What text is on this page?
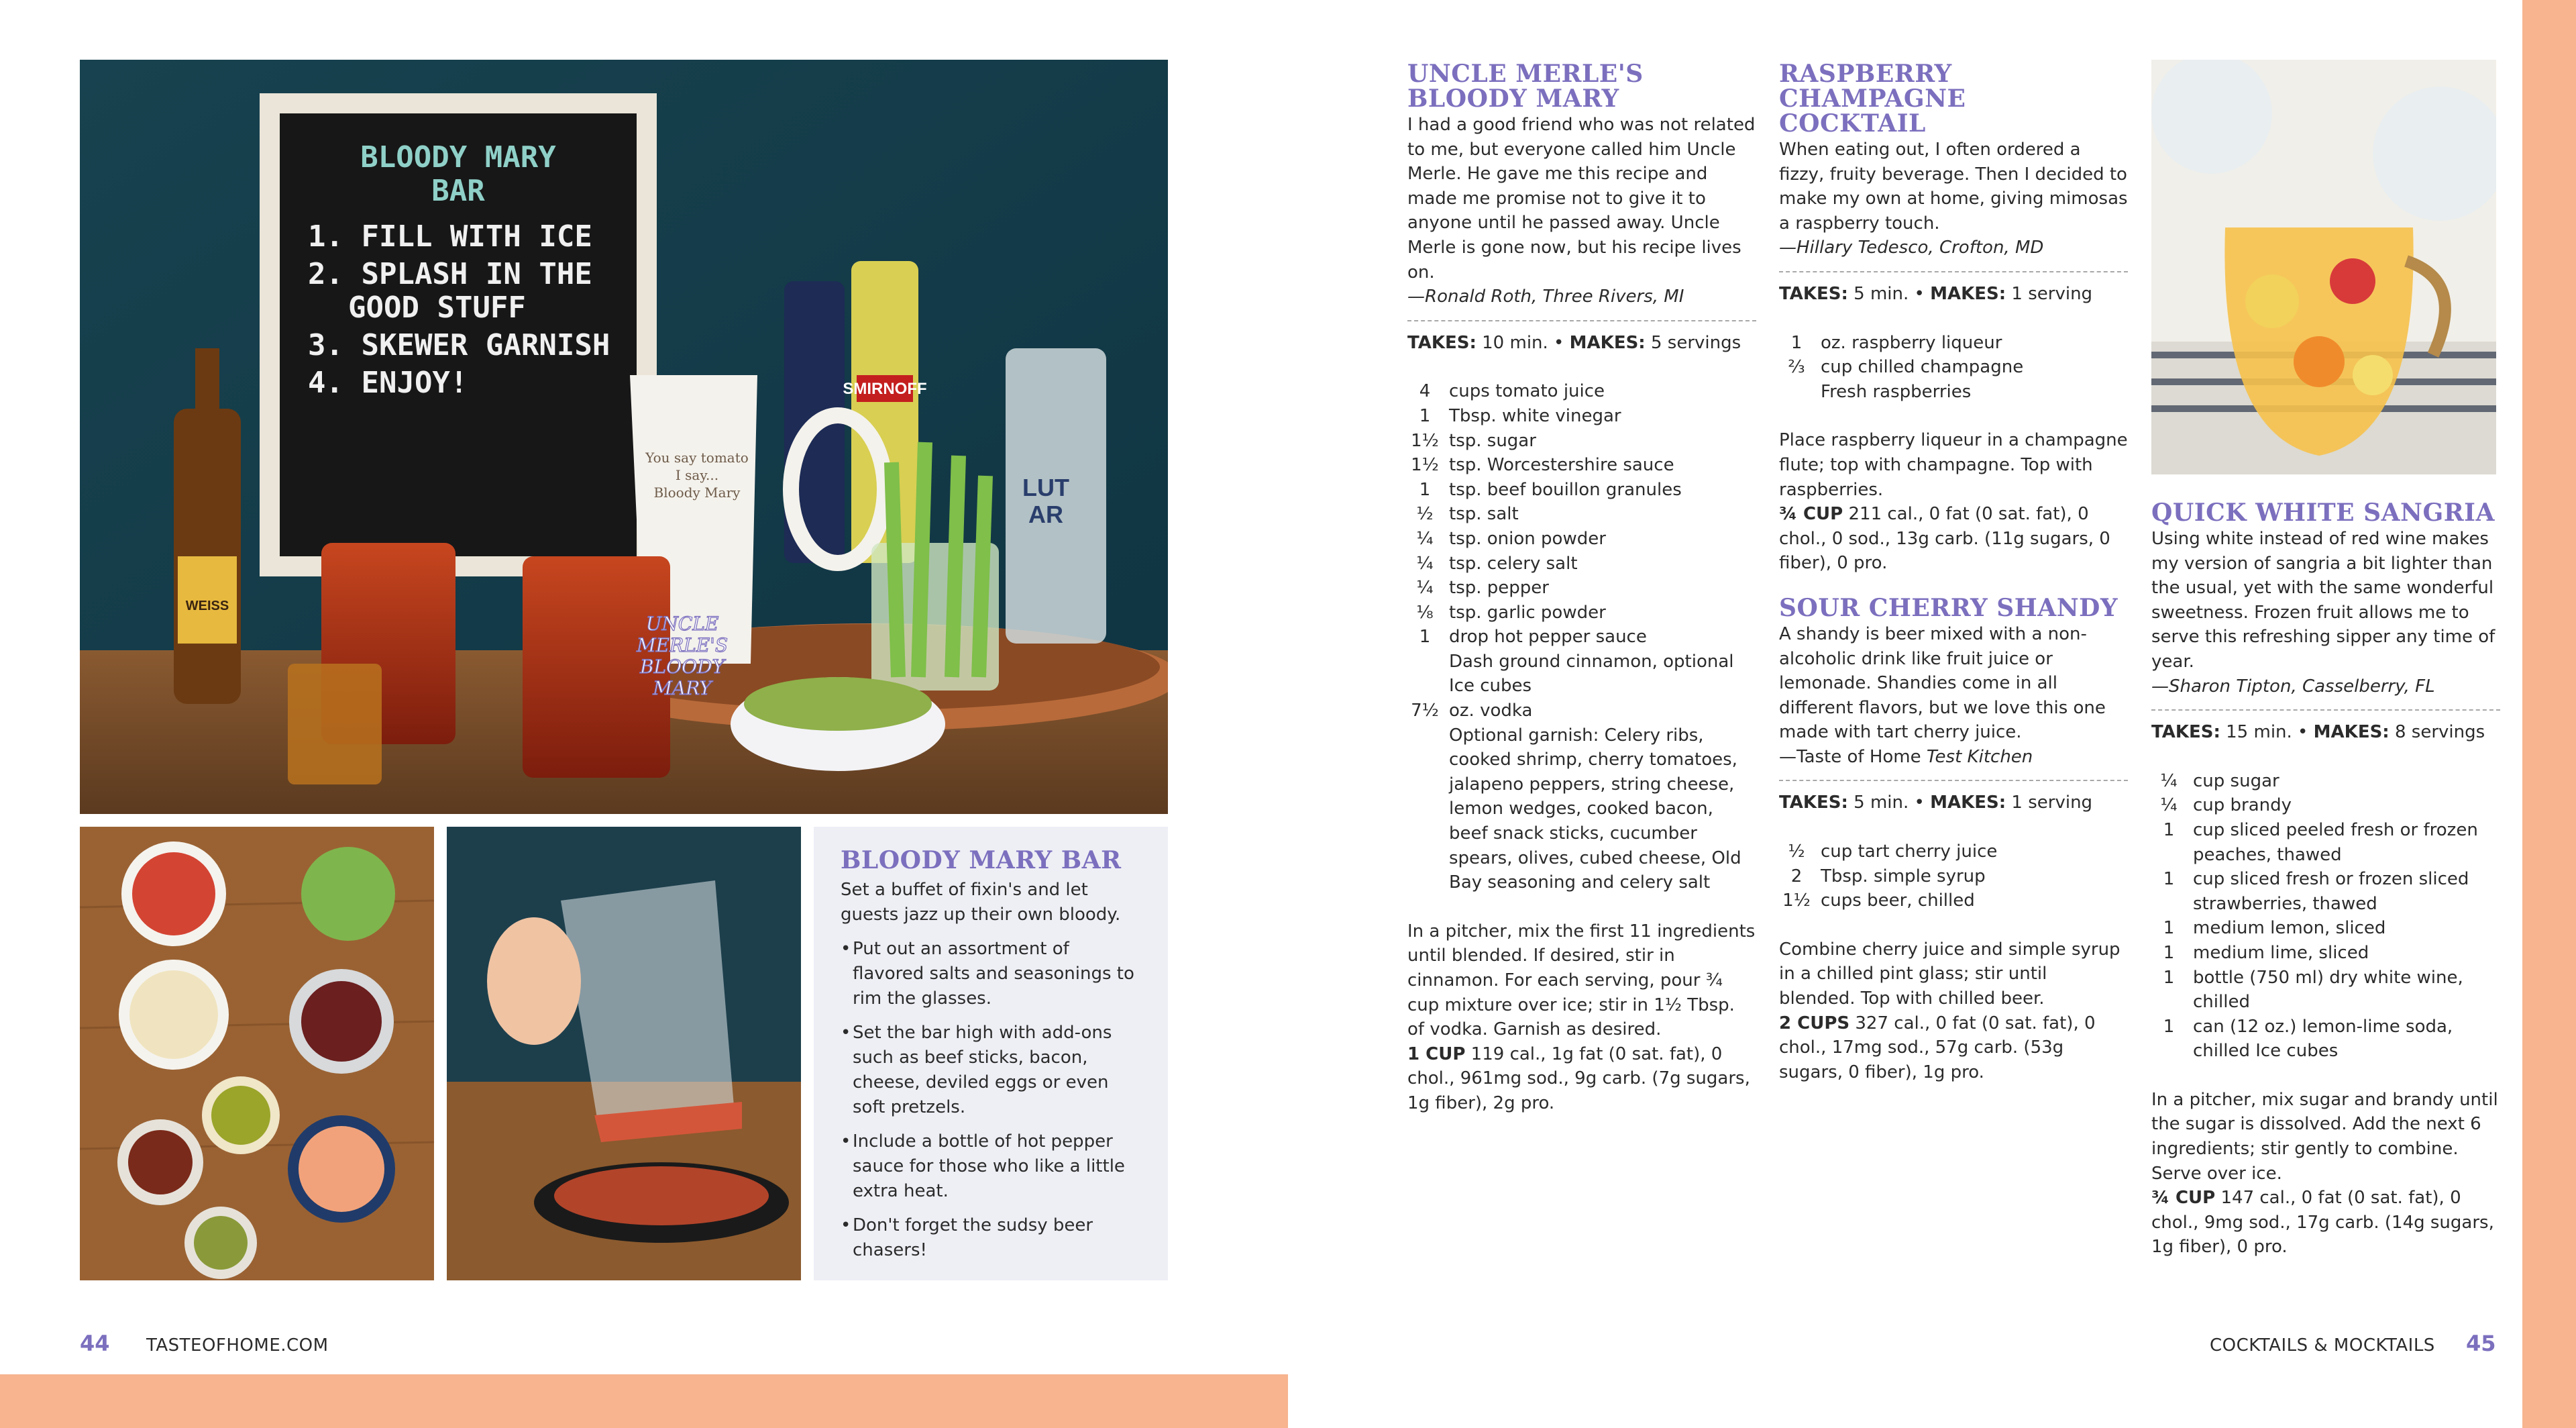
BLOODY MARY
BAR
1. FILL WITH ICE
2. SPLASH IN THE
GOOD STUFF
3. SKEWER GARNISH
4. ENJOY!	SMIRNOFF
LUT
AR
You say tomato
I say...
Bloody Mary
WEISS
UNCLE
MERLE'S
BLOODY
MARY
BLOODY MARY BAR

Set a buffet of fixin's and let guests jazz up their own bloody.

• Put out an assortment of flavored salts and seasonings to rim the glasses.
• Set the bar high with add-ons such as beef sticks, bacon, cheese, deviled eggs or even soft pretzels.
• Include a bottle of hot pepper sauce for those who like a little extra heat.
• Don't forget the sudsy beer chasers!
UNCLE MERLE'S
BLOODY MARY

I had a good friend who was not related to me, but everyone called him Uncle Merle. He gave me this recipe and made me promise not to give it to anyone until he passed away. Uncle Merle is gone now, but his recipe lives on.

—Ronald Roth, Three Rivers, MI

TAKES: 10 min. • MAKES: 5 servings

4	cups tomato juice
1	Tbsp. white vinegar
1½ tsp. sugar
1½ tsp. Worcestershire sauce
1	tsp. beef bouillon granules
½ tsp. salt
¼ tsp. onion powder
¼ tsp. celery salt
¼ tsp. pepper
⅛ tsp. garlic powder
1	drop hot pepper sauce
Dash ground cinnamon, optional
Ice cubes
7½ oz. vodka
Optional garnish: Celery ribs, cooked shrimp, cherry tomatoes, jalapeno peppers, string cheese, lemon wedges, cooked bacon, beef snack sticks, cucumber spears, olives, cubed cheese, Old Bay seasoning and celery salt

In a pitcher, mix the first 11 ingredients until blended. If desired, stir in cinnamon. For each serving, pour ¾ cup mixture over ice; stir in 1½ Tbsp. of vodka. Garnish as desired.

1 CUP 119 cal., 1g fat (0 sat. fat), 0 chol., 961mg sod., 9g carb. (7g sugars, 1g fiber), 2g pro.

RASPBERRY CHAMPAGNE
COCKTAIL

When eating out, I often ordered a fizzy, fruity beverage. Then I decided to make my own at home, giving mimosas a raspberry touch.

—Hillary Tedesco, Crofton, MD

TAKES: 5 min. • MAKES: 1 serving

1	oz. raspberry liqueur
⅔ cup chilled champagne
Fresh raspberries

Place raspberry liqueur in a champagne flute; top with champagne. Top with raspberries.

¾ CUP 211 cal., 0 fat (0 sat. fat), 0 chol., 0 sod., 13g carb. (11g sugars, 0 fiber), 0 pro.

SOUR CHERRY SHANDY

A shandy is beer mixed with a non-alcoholic drink like fruit juice or lemonade. Shandies come in all different flavors, but we love this one made with tart cherry juice.

—Taste of Home Test Kitchen

TAKES: 5 min. • MAKES: 1 serving

½ cup tart cherry juice
2	Tbsp. simple syrup
1½ cups beer, chilled

Combine cherry juice and simple syrup in a chilled pint glass; stir until blended. Top with chilled beer.

2 CUPS 327 cal., 0 fat (0 sat. fat), 0 chol., 17mg sod., 57g carb. (53g sugars, 0 fiber), 1g pro.

QUICK WHITE SANGRIA

Using white instead of red wine makes my version of sangria a bit lighter than the usual, yet with the same wonderful sweetness. Frozen fruit allows me to serve this refreshing sipper any time of year.

—Sharon Tipton, Casselberry, FL

TAKES: 15 min. • MAKES: 8 servings

¼ cup sugar
¼ cup brandy
1	cup sliced peeled fresh or frozen peaches, thawed
1	cup sliced fresh or frozen sliced strawberries, thawed
1	medium lemon, sliced
1	medium lime, sliced
1	bottle (750 ml) dry white wine, chilled
1	can (12 oz.) lemon-lime soda, chilled Ice cubes

In a pitcher, mix sugar and brandy until the sugar is dissolved. Add the next 6 ingredients; stir gently to combine. Serve over ice.

¾ CUP 147 cal., 0 fat (0 sat. fat), 0 chol., 9mg sod., 17g carb. (14g sugars, 1g fiber), 0 pro.

44 TASTEOFHOME.COM	COCKTAILS & MOCKTAILS 45
